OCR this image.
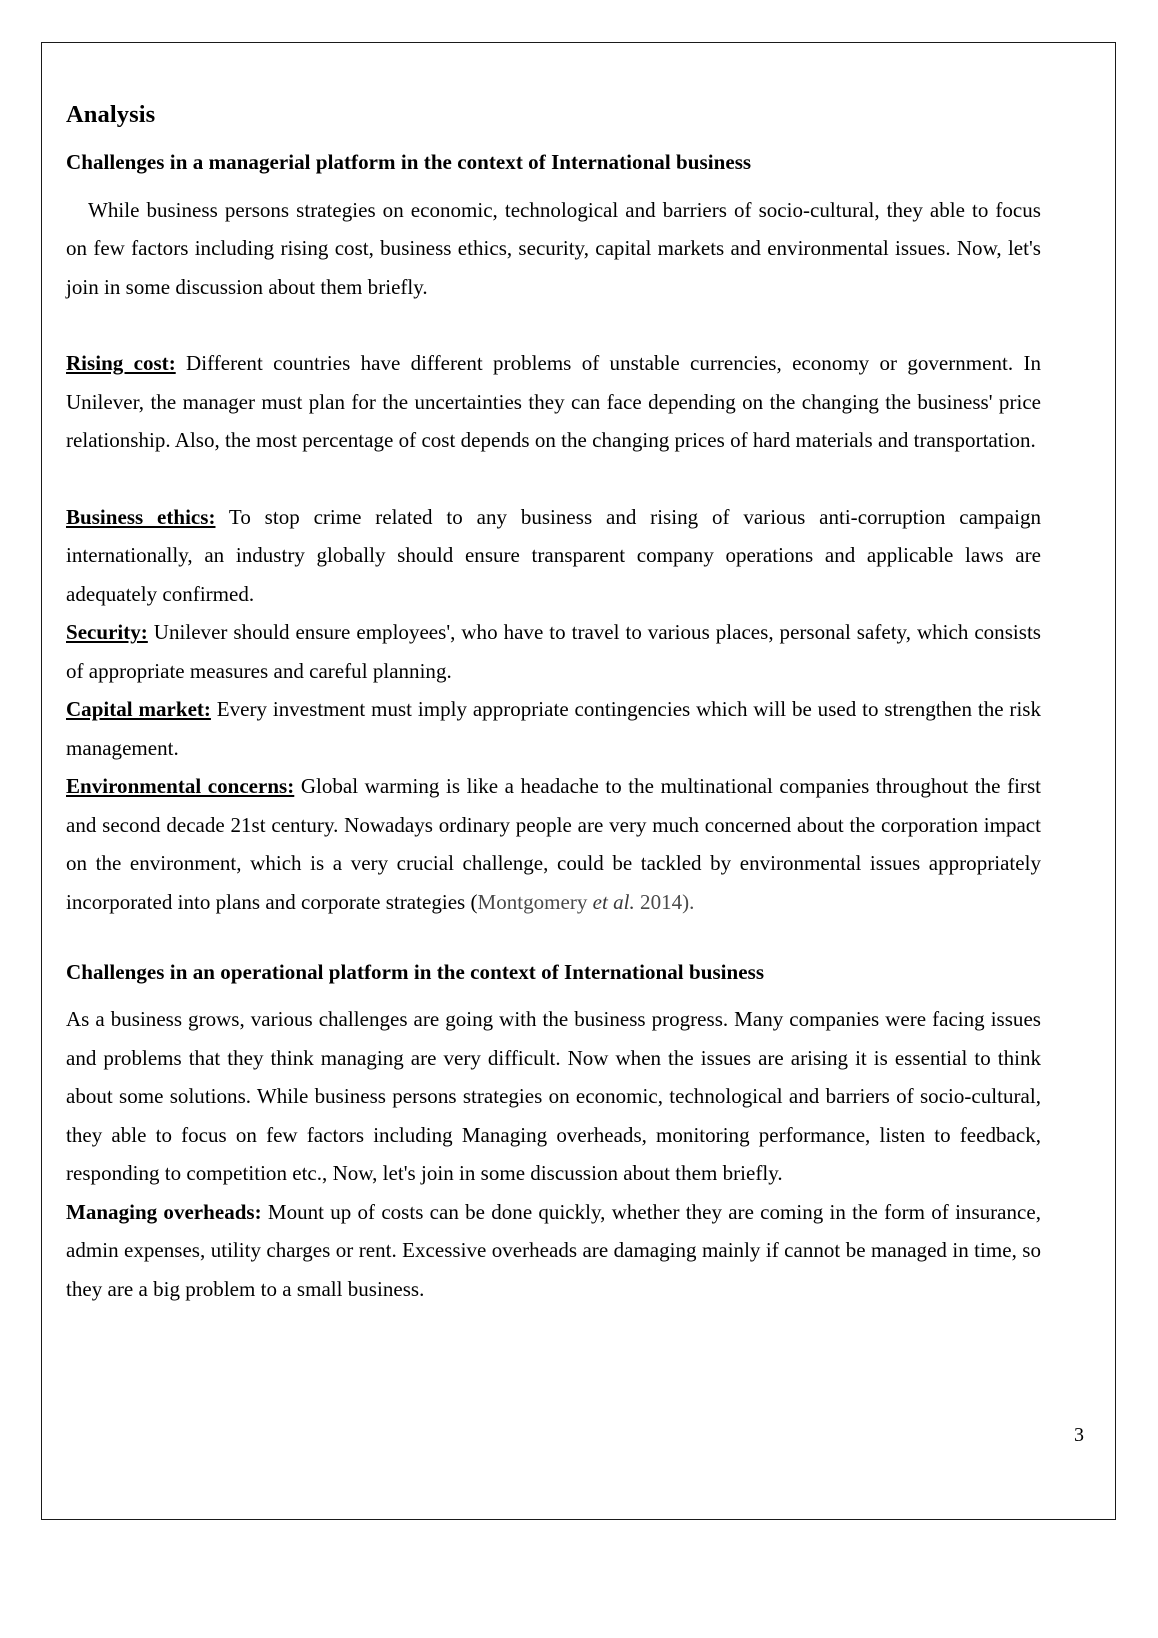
Analysis
Challenges in a managerial platform in the context of International business

While business persons strategies on economic, technological and barriers of socio-cultural, they able to focus on few factors including rising cost, business ethics, security, capital markets and environmental issues. Now, let's join in some discussion about them briefly.

Rising cost: Different countries have different problems of unstable currencies, economy or government. In Unilever, the manager must plan for the uncertainties they can face depending on the changing the business' price relationship. Also, the most percentage of cost depends on the changing prices of hard materials and transportation.

Business ethics: To stop crime related to any business and rising of various anti-corruption campaign internationally, an industry globally should ensure transparent company operations and applicable laws are adequately confirmed.

Security: Unilever should ensure employees', who have to travel to various places, personal safety, which consists of appropriate measures and careful planning.

Capital market: Every investment must imply appropriate contingencies which will be used to strengthen the risk management.

Environmental concerns: Global warming is like a headache to the multinational companies throughout the first and second decade 21st century. Nowadays ordinary people are very much concerned about the corporation impact on the environment, which is a very crucial challenge, could be tackled by environmental issues appropriately incorporated into plans and corporate strategies (Montgomery et al. 2014).

Challenges in an operational platform in the context of International business

As a business grows, various challenges are going with the business progress. Many companies were facing issues and problems that they think managing are very difficult. Now when the issues are arising it is essential to think about some solutions. While business persons strategies on economic, technological and barriers of socio-cultural, they able to focus on few factors including Managing overheads, monitoring performance, listen to feedback, responding to competition etc., Now, let's join in some discussion about them briefly.

Managing overheads: Mount up of costs can be done quickly, whether they are coming in the form of insurance, admin expenses, utility charges or rent. Excessive overheads are damaging mainly if cannot be managed in time, so they are a big problem to a small business.

3
